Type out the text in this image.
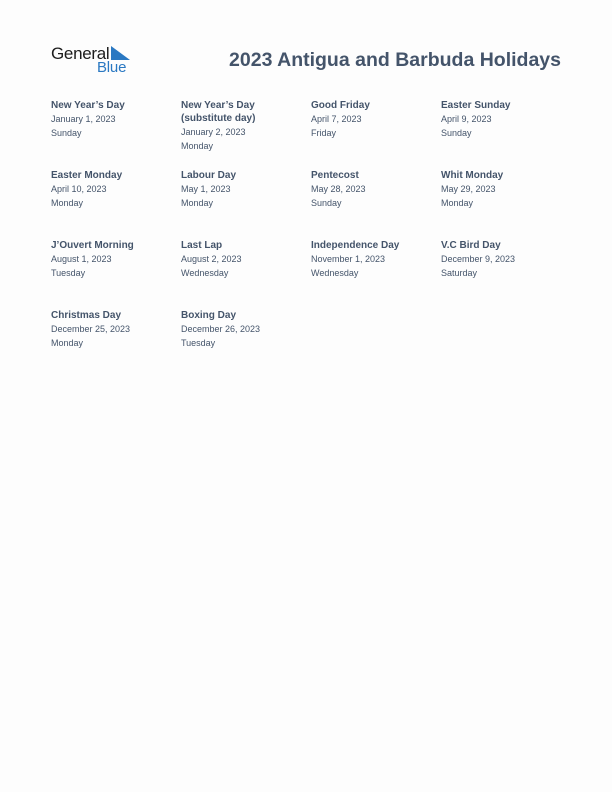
General
Blue	2023 Antigua and Barbuda Holidays
New Year’s Day
January 1, 2023
Sunday
New Year’s Day
(substitute day)
January 2, 2023
Monday
Good Friday
April 7, 2023
Friday
Easter Sunday
April 9, 2023
Sunday
Easter Monday
April 10, 2023
Monday
Labour Day
May 1, 2023
Monday
Pentecost
May 28, 2023
Sunday
Whit Monday
May 29, 2023
Monday
J’Ouvert Morning
August 1, 2023
Tuesday
Last Lap
August 2, 2023
Wednesday
Independence Day
November 1, 2023
Wednesday
V.C Bird Day
December 9, 2023
Saturday
Christmas Day
December 25, 2023
Monday
Boxing Day
December 26, 2023
Tuesday
